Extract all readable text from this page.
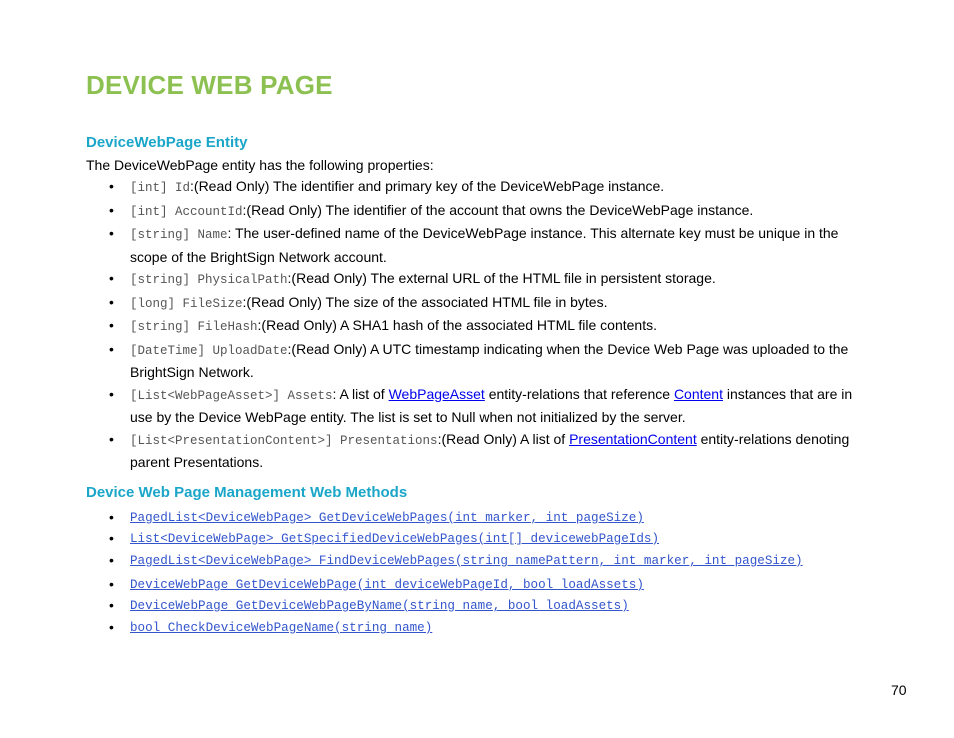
DEVICE WEB PAGE
DeviceWebPage Entity

The DeviceWebPage entity has the following properties:

• [int] Id:(Read Only) The identifier and primary key of the DeviceWebPage instance.
• [int] AccountId:(Read Only) The identifier of the account that owns the DeviceWebPage instance.
• [string] Name: The user-defined name of the DeviceWebPage instance. This alternate key must be unique in the scope of the BrightSign Network account.
• [string] PhysicalPath:(Read Only) The external URL of the HTML file in persistent storage.
• [long] FileSize:(Read Only) The size of the associated HTML file in bytes.
• [string] FileHash:(Read Only) A SHA1 hash of the associated HTML file contents.
• [DateTime] UploadDate:(Read Only) A UTC timestamp indicating when the Device Web Page was uploaded to the BrightSign Network.
• [List<WebPageAsset>] Assets: A list of WebPageAsset entity-relations that reference Content instances that are in use by the Device WebPage entity. The list is set to Null when not initialized by the server.
• [List<PresentationContent>] Presentations:(Read Only) A list of PresentationContent entity-relations denoting parent Presentations.
Device Web Page Management Web Methods
• PagedList<DeviceWebPage> GetDeviceWebPages(int marker, int pageSize)
• List<DeviceWebPage> GetSpecifiedDeviceWebPages(int[] devicewebPageIds)
• PagedList<DeviceWebPage> FindDeviceWebPages(string namePattern, int marker, int pageSize)
• DeviceWebPage GetDeviceWebPage(int deviceWebPageId, bool loadAssets)
• DeviceWebPage GetDeviceWebPageByName(string name, bool loadAssets)
• bool CheckDeviceWebPageName(string name)
70
